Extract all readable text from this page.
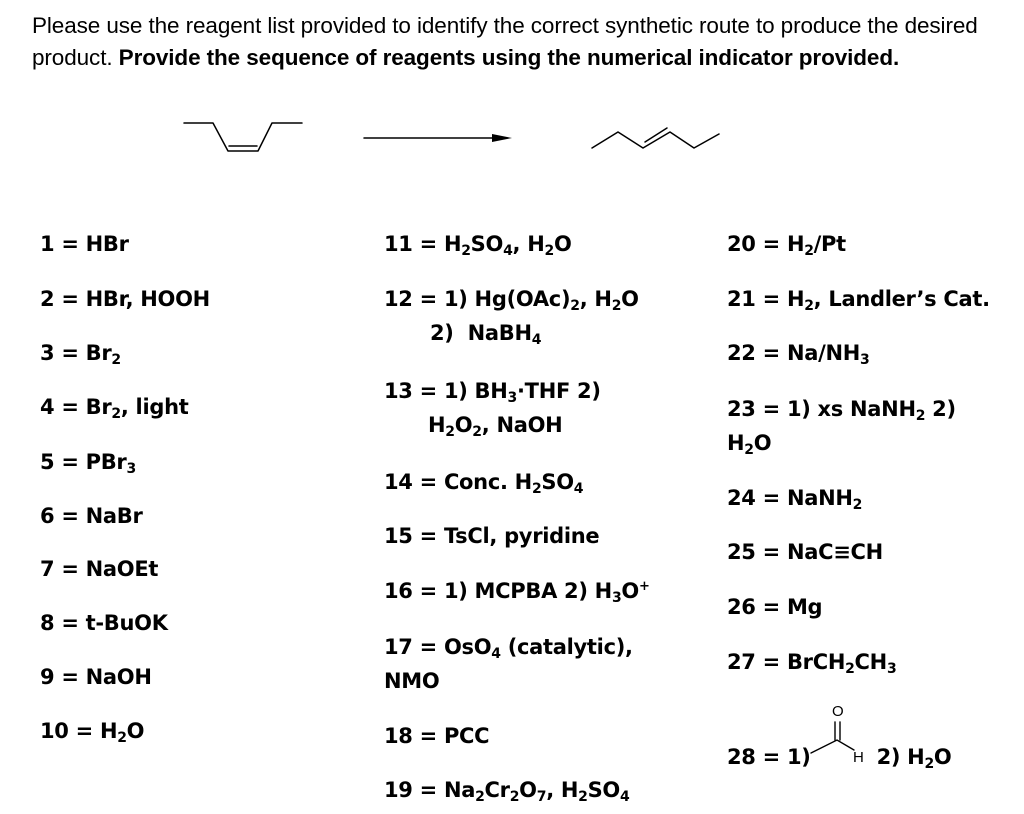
Please use the reagent list provided to identify the correct synthetic route to produce the desired product. Provide the sequence of reagents using the numerical indicator provided.
1 = HBr
2 = HBr, HOOH
$3 = Br_2$
$4 = Br_2$, light
5 = PBr$_3$
6 = NaBr
7 = NaOEt
8 = t-BuOK
9 = NaOH
$10 = H_2O$
$11 = H_2SO_4$, $H_2O$
12 = 1) $Hg(OAc)_2$, $H_2O$
2)  NaBH$_4$
13 = 1) $BH_3\cdot THF$ 2)
$H_2O_2$, NaOH
14 = Conc. $H_2SO_4$
15 = TsCl, pyridine
16 = 1) MCPBA 2) $H_3O^+$
17 = OsO$_4$ (catalytic),
NMO
18 = PCC
$19 = Na_2Cr_2O_7$, $H_2SO_4$
$20 = H_2/Pt$
$21 = H_2$, Landler’s Cat.
$22 = Na/NH_3$
23 = 1) xs NaNH$_2$ 2)
$H_2O$
24 = NaNH$_2$
25 = NaC≡CH
26 = Mg
$27 = BrCH_2CH_3$
28 = 1)	2) $H_2O$
O
H
